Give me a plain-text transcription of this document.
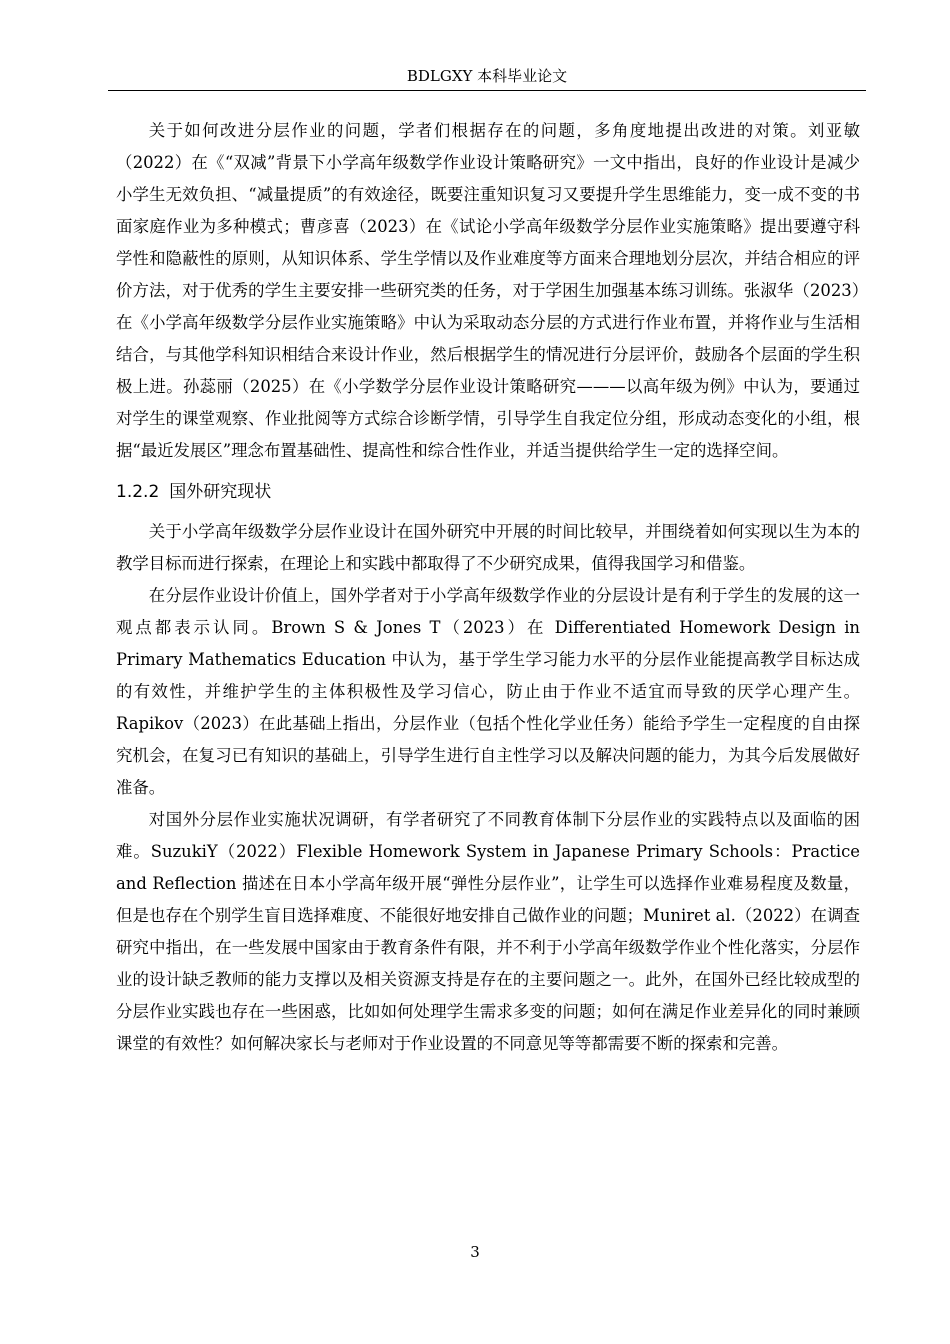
BDLGXY 本科毕业论文

关于如何改进分层作业的问题，学者们根据存在的问题，多角度地提出改进的对策。刘亚敏（2022）在《“双减”背景下小学高年级数学作业设计策略研究》一文中指出，良好的作业设计是减少小学生无效负担、“减量提质”的有效途径，既要注重知识复习又要提升学生思维能力，变一成不变的书面家庭作业为多种模式；曹彦喜（2023）在《试论小学高年级数学分层作业实施策略》提出要遵守科学性和隐蔽性的原则，从知识体系、学生学情以及作业难度等方面来合理地划分层次，并结合相应的评价方法，对于优秀的学生主要安排一些研究类的任务，对于学困生加强基本练习训练。张淑华（2023）在《小学高年级数学分层作业实施策略》中认为采取动态分层的方式进行作业布置，并将作业与生活相结合，与其他学科知识相结合来设计作业，然后根据学生的情况进行分层评价，鼓励各个层面的学生积极上进。孙蕊丽（2025）在《小学数学分层作业设计策略研究———以高年级为例》中认为，要通过对学生的课堂观察、作业批阅等方式综合诊断学情，引导学生自我定位分组，形成动态变化的小组，根据“最近发展区”理念布置基础性、提高性和综合性作业，并适当提供给学生一定的选择空间。

1.2.2 国外研究现状

关于小学高年级数学分层作业设计在国外研究中开展的时间比较早，并围绕着如何实现以生为本的教学目标而进行探索，在理论上和实践中都取得了不少研究成果，值得我国学习和借鉴。

在分层作业设计价值上，国外学者对于小学高年级数学作业的分层设计是有利于学生的发展的这一观点都表示认同。Brown S & Jones T（2023）在 Differentiated Homework Design in Primary Mathematics Education 中认为，基于学生学习能力水平的分层作业能提高教学目标达成的有效性，并维护学生的主体积极性及学习信心，防止由于作业不适宜而导致的厌学心理产生。Rapikov（2023）在此基础上指出，分层作业（包括个性化学业任务）能给予学生一定程度的自由探究机会，在复习已有知识的基础上，引导学生进行自主性学习以及解决问题的能力，为其今后发展做好准备。

对国外分层作业实施状况调研，有学者研究了不同教育体制下分层作业的实践特点以及面临的困难。SuzukiY（2022）Flexible Homework System in Japanese Primary Schools：Practice and Reflection 描述在日本小学高年级开展“弹性分层作业”，让学生可以选择作业难易程度及数量，但是也存在个别学生盲目选择难度、不能很好地安排自己做作业的问题；Muniret al.（2022）在调查研究中指出，在一些发展中国家由于教育条件有限，并不利于小学高年级数学作业个性化落实，分层作业的设计缺乏教师的能力支撑以及相关资源支持是存在的主要问题之一。此外，在国外已经比较成型的分层作业实践也存在一些困惑，比如如何处理学生需求多变的问题；如何在满足作业差异化的同时兼顾课堂的有效性？如何解决家长与老师对于作业设置的不同意见等等都需要不断的探索和完善。

3
